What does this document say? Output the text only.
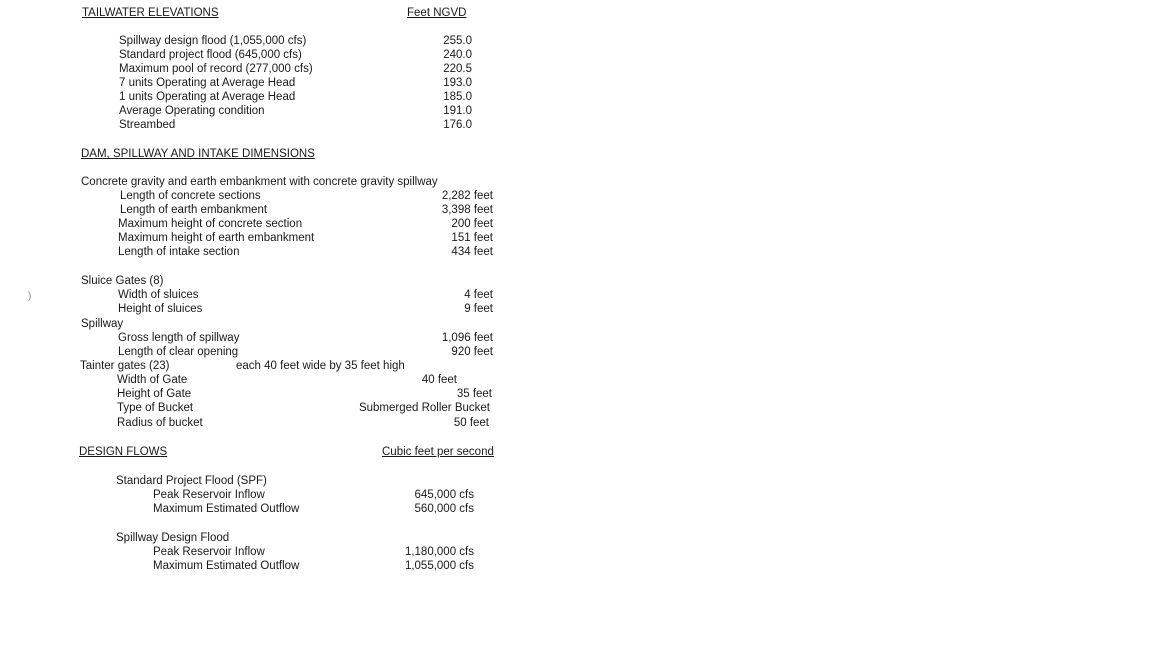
)
TAILWATER ELEVATIONS	Feet NGVD
Spillway design flood (1,055,000 cfs)	255.0
Standard project flood (645,000 cfs)	240.0
Maximum pool of record (277,000 cfs)	220.5
7 units Operating at Average Head	193.0
1 units Operating at Average Head	185.0
Average Operating condition	191.0
Streambed	176.0
DAM, SPILLWAY AND INTAKE DIMENSIONS
Concrete gravity and earth embankment with concrete gravity spillway
Length of concrete sections	2,282 feet
Length of earth embankment	3,398 feet
Maximum height of concrete section	200 feet
Maximum height of earth embankment	151 feet
Length of intake section	434 feet
Sluice Gates (8)
Width of sluices	4 feet
Height of sluices	9 feet
Spillway
Gross length of spillway	1,096 feet
Length of clear opening	920 feet
Tainter gates (23)	each 40 feet wide by 35 feet high
Width of Gate	40 feet
Height of Gate	35 feet
Type of Bucket	Submerged Roller Bucket
Radius of bucket	50 feet
DESIGN FLOWS	Cubic feet per second
Standard Project Flood (SPF)
Peak Reservoir Inflow	645,000 cfs
Maximum Estimated Outflow	560,000 cfs
Spillway Design Flood
Peak Reservoir Inflow	1,180,000 cfs
Maximum Estimated Outflow	1,055,000 cfs
